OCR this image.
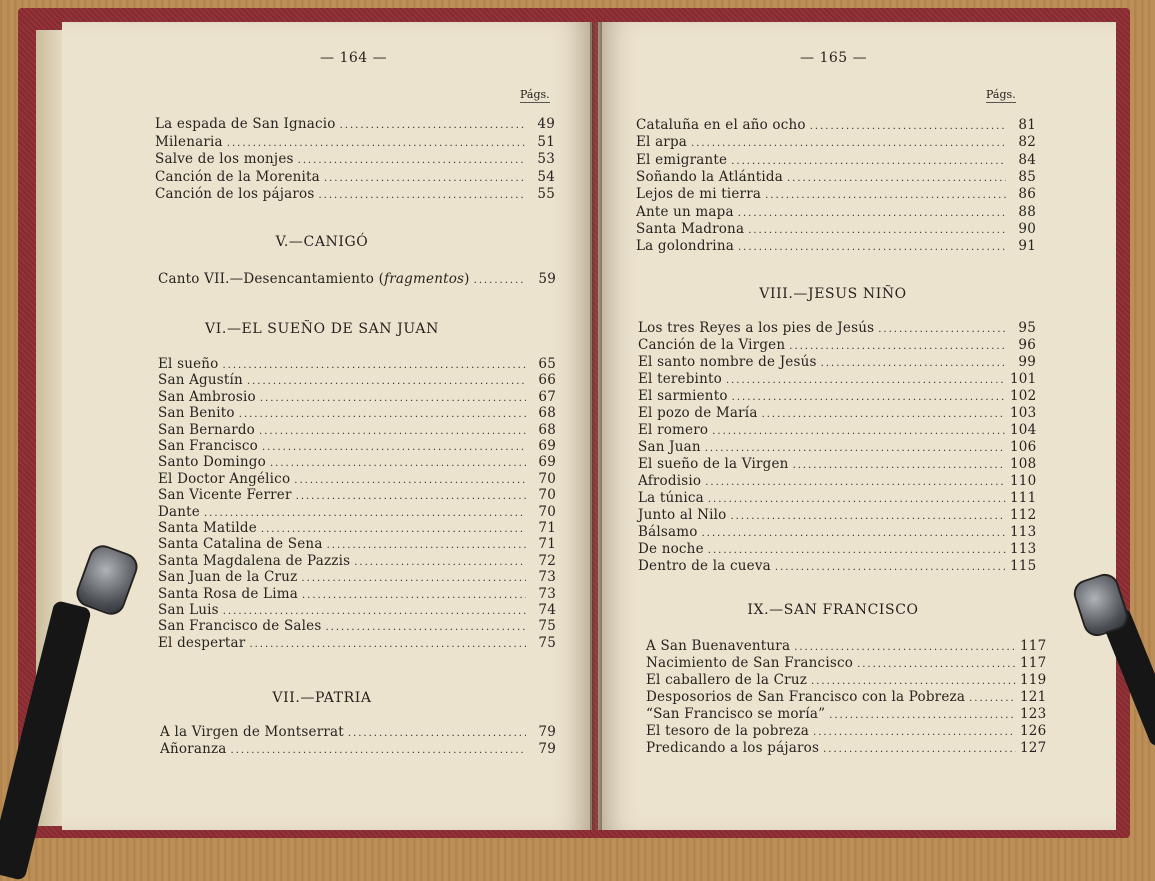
— 164 —
Págs.
La espada de San Ignacio .....	49
Milenaria .....	51
Salve de los monjes .....	53
Canción de la Morenita .....	54
Canción de los pájaros .....	55
V.—CANIGÓ
Canto VII.—Desencantamiento (fragmentos) .....	59
VI.—EL SUEÑO DE SAN JUAN
El sueño .....	65
San Agustín .....	66
San Ambrosio .....	67
San Benito .....	68
San Bernardo .....	68
San Francisco .....	69
Santo Domingo .....	69
El Doctor Angélico .....	70
San Vicente Ferrer .....	70
Dante .....	70
Santa Matilde .....	71
Santa Catalina de Sena .....	71
Santa Magdalena de Pazzis .....	72
San Juan de la Cruz .....	73
Santa Rosa de Lima .....	73
San Luis .....	74
San Francisco de Sales .....	75
El despertar .....	75
VII.—PATRIA
A la Virgen de Montserrat .....	79
Añoranza .....	79
— 165 —
Págs.
Cataluña en el año ocho .....	81
El arpa .....	82
El emigrante .....	84
Soñando la Atlántida .....	85
Lejos de mi tierra .....	86
Ante un mapa .....	88
Santa Madrona .....	90
La golondrina .....	91
VIII.—JESUS NIÑO
Los tres Reyes a los pies de Jesús .....	95
Canción de la Virgen .....	96
El santo nombre de Jesús .....	99
El terebinto .....	101
El sarmiento .....	102
El pozo de María .....	103
El romero .....	104
San Juan .....	106
El sueño de la Virgen .....	108
Afrodisio .....	110
La túnica .....	111
Junto al Nilo .....	112
Bálsamo .....	113
De noche .....	113
Dentro de la cueva .....	115
IX.—SAN FRANCISCO
A San Buenaventura .....	117
Nacimiento de San Francisco .....	117
El caballero de la Cruz .....	119
Desposorios de San Francisco con la Pobreza .....	121
“San Francisco se moría” .....	123
El tesoro de la pobreza .....	126
Predicando a los pájaros .....	127
